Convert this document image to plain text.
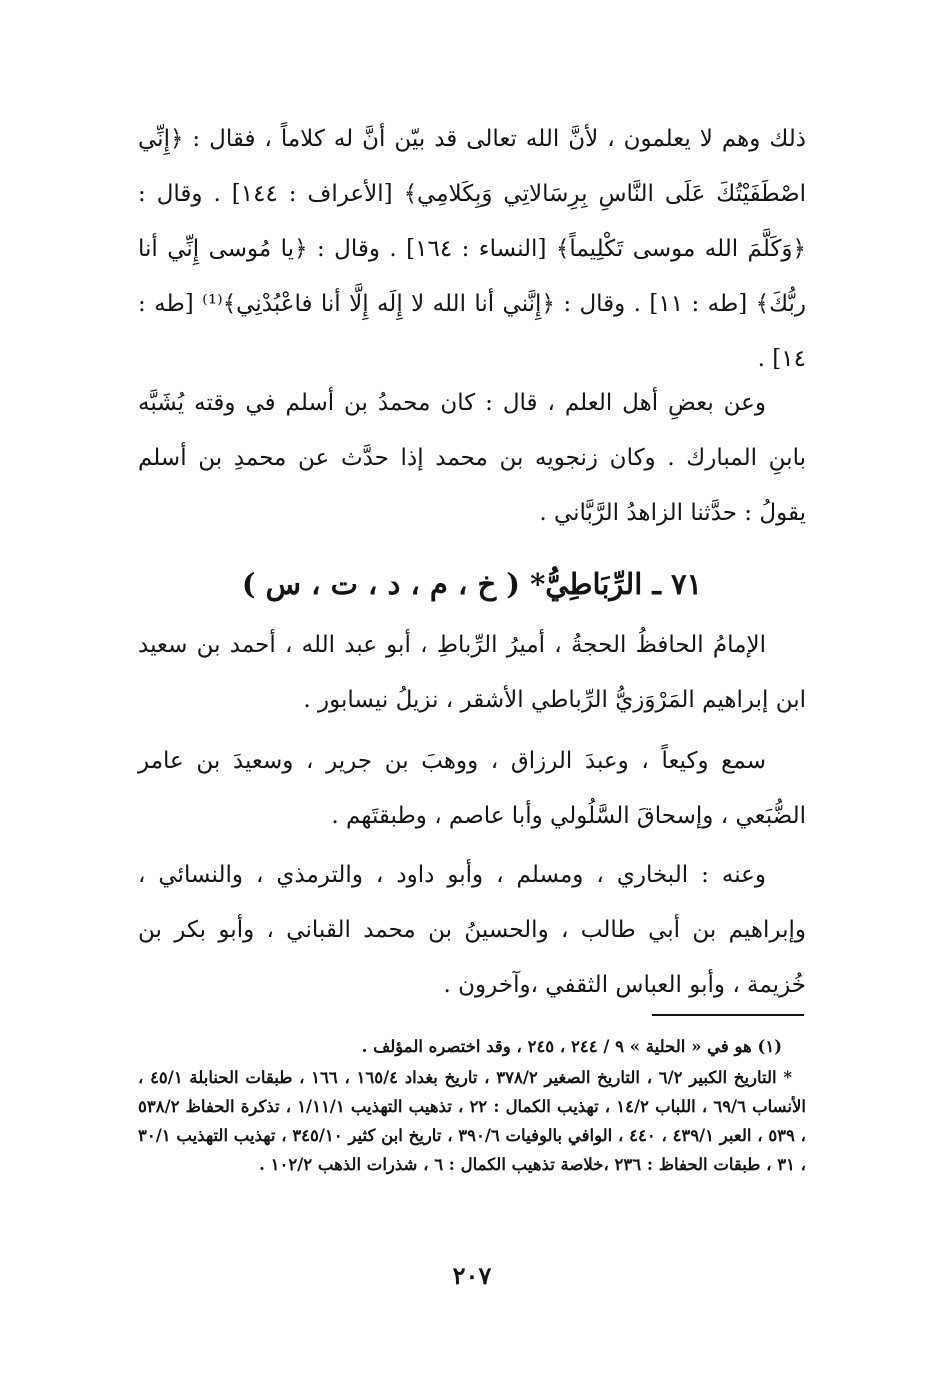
ذلك وهم لا يعلمون ، لأنَّ الله تعالى قد بيّن أنَّ له كلاماً ، فقال : ﴿إِنِّي اصْطَفَيْتُكَ عَلَى النَّاسِ بِرِسَالاتِي وَبِكَلامِي﴾ [الأعراف : ١٤٤] . وقال : ﴿وَكَلَّمَ الله موسى تَكْلِيماً﴾ [النساء : ١٦٤] . وقال : ﴿يا مُوسى إِنِّي أنا ربُّكَ﴾ [طه : ١١] . وقال : ﴿إِنَّني أنا الله لا إِلَه إِلَّا أنا فاعْبُدْنِي﴾⁽¹⁾ [طه : ١٤] .

وعن بعضِ أهل العلم ، قال : كان محمدُ بن أسلم في وقته يُشَبَّه بابنِ المبارك . وكان زنجويه بن محمد إذا حدَّث عن محمدِ بن أسلم يقولُ : حدَّثنا الزاهدُ الرَّبَّاني .

٧١ ـ الرِّبَاطِيُّ* ( خ ، م ، د ، ت ، س )

الإمامُ الحافظُ الحجةُ ، أميرُ الرِّباطِ ، أبو عبد الله ، أحمد بن سعيد ابن إبراهيم المَرْوَزيُّ الرِّباطي الأشقر ، نزيلُ نيسابور .

سمع وكيعاً ، وعبدَ الرزاق ، ووهبَ بن جرير ، وسعيدَ بن عامر الضُّبَعي ، وإسحاقَ السَّلُولي وأبا عاصم ، وطبقتَهم .

وعنه : البخاري ، ومسلم ، وأبو داود ، والترمذي ، والنسائي ، وإبراهيم بن أبي طالب ، والحسينُ بن محمد القباني ، وأبو بكر بن خُزيمة ، وأبو العباس الثقفي ،وآخرون .

(١) هو في « الحلية » ٩ / ٢٤٤ ، ٢٤٥ ، وقد اختصره المؤلف .

* التاريخ الكبير ٦/٢ ، التاريخ الصغير ٣٧٨/٢ ، تاريخ بغداد ١٦٥/٤ ، ١٦٦ ، طبقات الحنابلة ٤٥/١ ، الأنساب ٦٩/٦ ، اللباب ١٤/٢ ، تهذيب الكمال : ٢٢ ، تذهيب التهذيب ١/١١/١ ، تذكرة الحفاظ ٥٣٨/٢ ، ٥٣٩ ، العبر ٤٣٩/١ ، ٤٤٠ ، الوافي بالوفيات ٣٩٠/٦ ، تاريخ ابن كثير ٣٤٥/١٠ ، تهذيب التهذيب ٣٠/١ ، ٣١ ، طبقات الحفاظ : ٢٣٦ ،خلاصة تذهيب الكمال : ٦ ، شذرات الذهب ١٠٢/٢ .

٢٠٧
